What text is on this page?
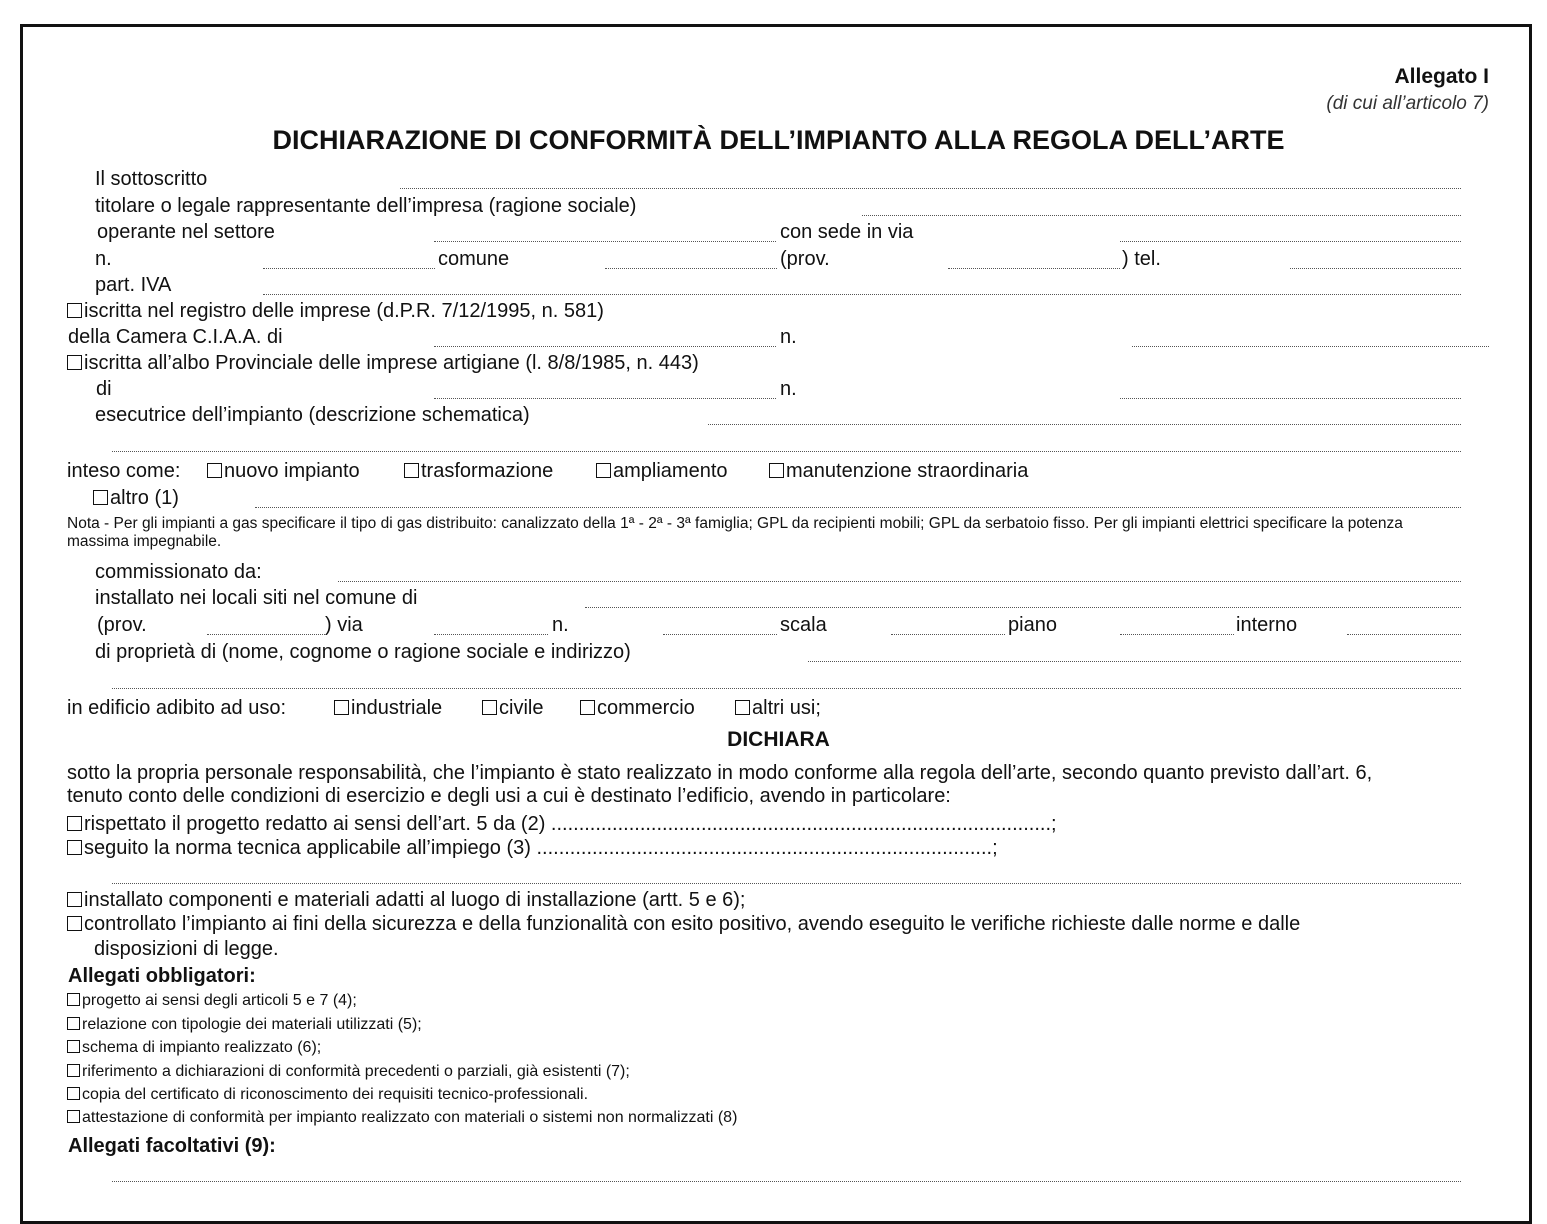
Allegato I
(di cui all’articolo 7)
DICHIARAZIONE DI CONFORMITÀ DELL’IMPIANTO ALLA REGOLA DELL’ARTE
Il sottoscritto
titolare o legale rappresentante dell’impresa (ragione sociale)
operante nel settore	con sede in via
n.	comune	(prov.	) tel.
part. IVA
iscritta nel registro delle imprese (d.P.R. 7/12/1995, n. 581)
della Camera C.I.A.A. di	n.
iscritta all’albo Provinciale delle imprese artigiane (l. 8/8/1985, n. 443)
di	n.
esecutrice dell’impianto (descrizione schematica)
inteso come:	nuovo impianto	trasformazione	ampliamento	manutenzione straordinaria
altro (1)
Nota - Per gli impianti a gas specificare il tipo di gas distribuito: canalizzato della 1ª - 2ª - 3ª famiglia; GPL da recipienti mobili; GPL da serbatoio fisso. Per gli impianti elettrici specificare la potenza massima impegnabile.
commissionato da:
installato nei locali siti nel comune di
(prov.	) via	n.	scala	piano	interno
di proprietà di (nome, cognome o ragione sociale e indirizzo)
in edificio adibito ad uso:	industriale	civile	commercio	altri usi;
DICHIARA
sotto la propria personale responsabilità, che l’impianto è stato realizzato in modo conforme alla regola dell’arte, secondo quanto previsto dall’art. 6,
tenuto conto delle condizioni di esercizio e degli usi a cui è destinato l’edificio, avendo in particolare:
rispettato il progetto redatto ai sensi dell’art. 5 da (2) ..........................................................................................;
seguito la norma tecnica applicabile all’impiego (3) ..................................................................................;
installato componenti e materiali adatti al luogo di installazione (artt. 5 e 6);
controllato l’impianto ai fini della sicurezza e della funzionalità con esito positivo, avendo eseguito le verifiche richieste dalle norme e dalle
disposizioni di legge.
Allegati obbligatori:
progetto ai sensi degli articoli 5 e 7 (4);
relazione con tipologie dei materiali utilizzati (5);
schema di impianto realizzato (6);
riferimento a dichiarazioni di conformità precedenti o parziali, già esistenti (7);
copia del certificato di riconoscimento dei requisiti tecnico-professionali.
attestazione di conformità per impianto realizzato con materiali o sistemi non normalizzati (8)
Allegati facoltativi (9):
